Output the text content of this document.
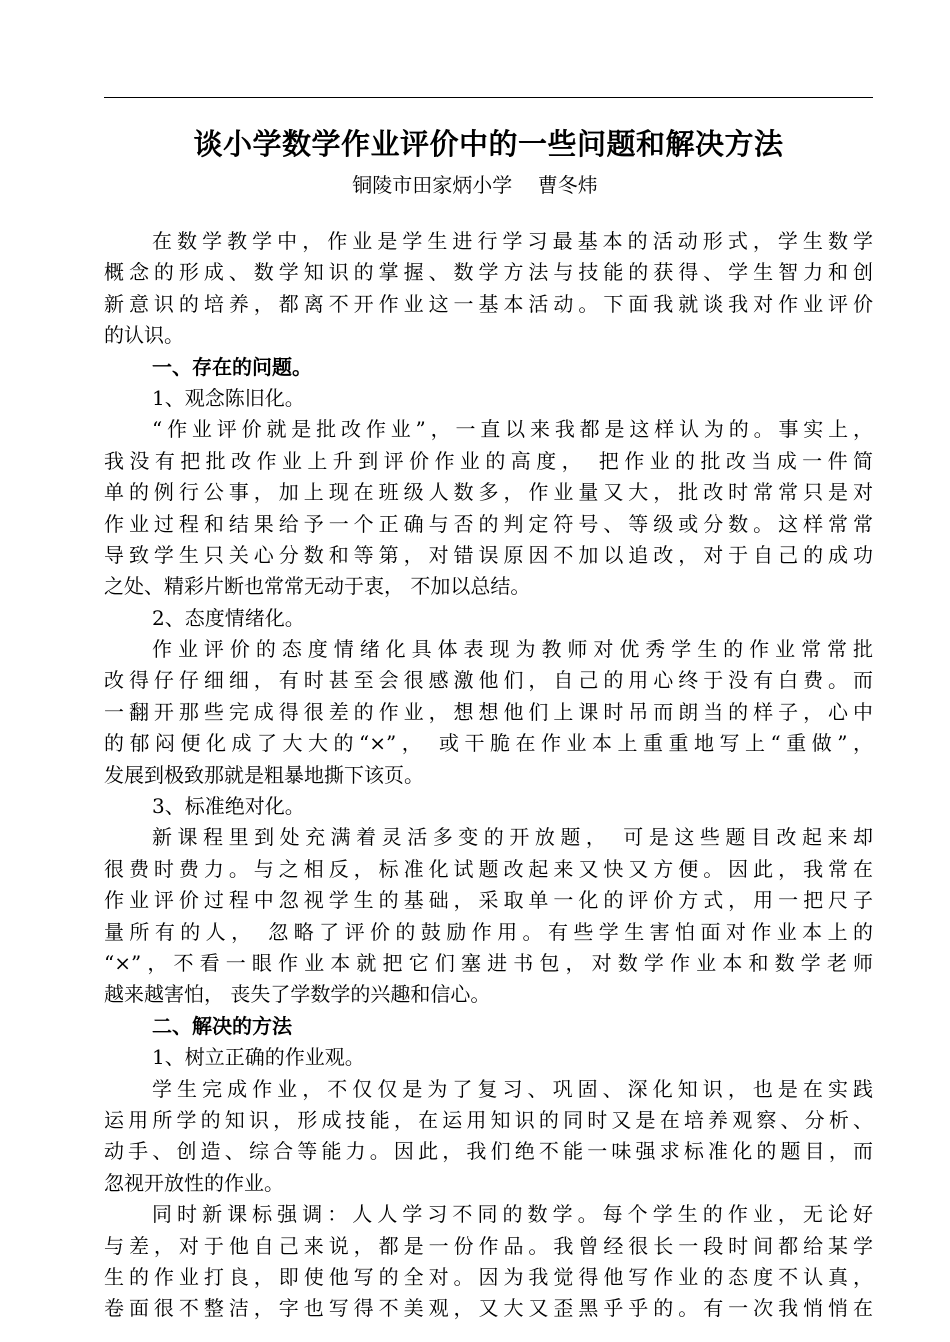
谈小学数学作业评价中的一些问题和解决方法
铜陵市田家炳小学    曹冬炜
在数学教学中，作业是学生进行学习最基本的活动形式，学生数学
概念的形成、数学知识的掌握、数学方法与技能的获得、学生智力和创
新意识的培养，都离不开作业这一基本活动。下面我就谈我对作业评价
的认识。
一、存在的问题。
1、观念陈旧化。
“作业评价就是批改作业”，一直以来我都是这样认为的。事实上，
我没有把批改作业上升到评价作业的高度， 把作业的批改当成一件简
单的例行公事，加上现在班级人数多，作业量又大，批改时常常只是对
作业过程和结果给予一个正确与否的判定符号、等级或分数。这样常常
导致学生只关心分数和等第，对错误原因不加以追改，对于自己的成功
之处、精彩片断也常常无动于衷， 不加以总结。
2、态度情绪化。
作业评价的态度情绪化具体表现为教师对优秀学生的作业常常批
改得仔仔细细，有时甚至会很感激他们，自己的用心终于没有白费。而
一翻开那些完成得很差的作业，想想他们上课时吊而朗当的样子，心中
的郁闷便化成了大大的“×”， 或干脆在作业本上重重地写上“重做”，
发展到极致那就是粗暴地撕下该页。
3、标准绝对化。
新课程里到处充满着灵活多变的开放题， 可是这些题目改起来却
很费时费力。与之相反，标准化试题改起来又快又方便。因此，我常在
作业评价过程中忽视学生的基础，采取单一化的评价方式，用一把尺子
量所有的人， 忽略了评价的鼓励作用。有些学生害怕面对作业本上的
“×”，不看一眼作业本就把它们塞进书包，对数学作业本和数学老师
越来越害怕， 丧失了学数学的兴趣和信心。
二、解决的方法
1、树立正确的作业观。
学生完成作业，不仅仅是为了复习、巩固、深化知识，也是在实践
运用所学的知识，形成技能，在运用知识的同时又是在培养观察、分析、
动手、创造、综合等能力。因此，我们绝不能一味强求标准化的题目，而
忽视开放性的作业。
同时新课标强调：人人学习不同的数学。每个学生的作业，无论好
与差，对于他自己来说，都是一份作品。我曾经很长一段时间都给某学
生的作业打良，即使他写的全对。因为我觉得他写作业的态度不认真，
卷面很不整洁，字也写得不美观，又大又歪黑乎乎的。有一次我悄悄在
